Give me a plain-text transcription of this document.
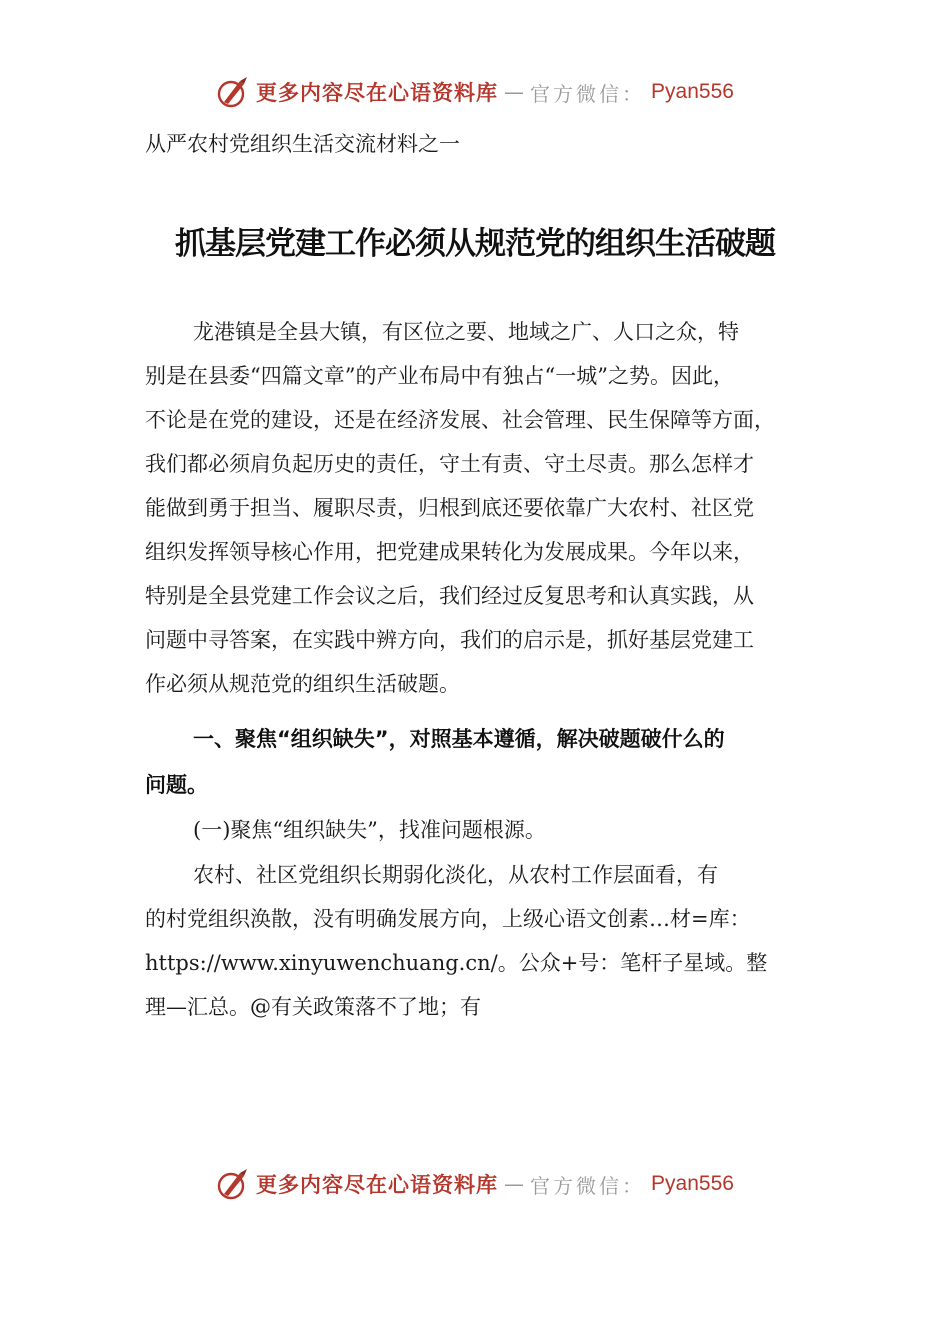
更多内容尽在心语资料库 — 官方微信： Pyan556
从严农村党组织生活交流材料之一
抓基层党建工作必须从规范党的组织生活破题
龙港镇是全县大镇，有区位之要、地域之广、人口之众，特
别是在县委“四篇文章”的产业布局中有独占“一城”之势。因此，
不论是在党的建设，还是在经济发展、社会管理、民生保障等方面，
我们都必须肩负起历史的责任，守土有责、守土尽责。那么怎样才
能做到勇于担当、履职尽责，归根到底还要依靠广大农村、社区党
组织发挥领导核心作用，把党建成果转化为发展成果。今年以来，
特别是全县党建工作会议之后，我们经过反复思考和认真实践，从
问题中寻答案，在实践中辨方向，我们的启示是，抓好基层党建工
作必须从规范党的组织生活破题。
一、聚焦“组织缺失”，对照基本遵循，解决破题破什么的
问题。
(一)聚焦“组织缺失”，找准问题根源。
农村、社区党组织长期弱化淡化，从农村工作层面看，有
的村党组织涣散，没有明确发展方向，上级心语文创素…材=库：
https://www.xinyuwenchuang.cn/。公众+号：笔杆子星域。整
理—汇总。@有关政策落不了地；有
更多内容尽在心语资料库 — 官方微信： Pyan556
